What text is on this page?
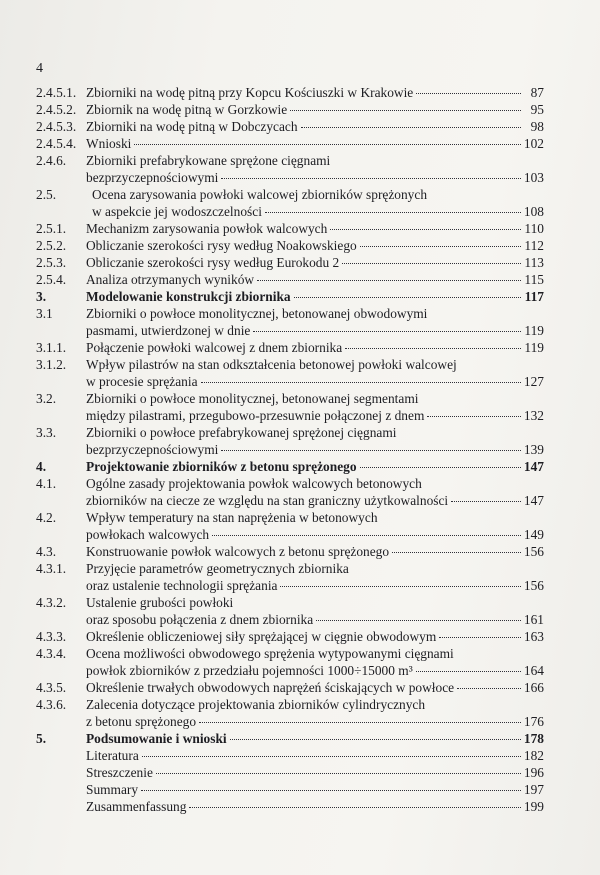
4
2.4.5.1. Zbiorniki na wodę pitną przy Kopcu Kościuszki w Krakowie	87
2.4.5.2. Zbiornik na wodę pitną w Gorzkowie	95
2.4.5.3. Zbiorniki na wodę pitną w Dobczycach	98
2.4.5.4. Wnioski	102
2.4.6. Zbiorniki prefabrykowane sprężone cięgnami
bezprzyczepnościowymi	103
2.5.	Ocena zarysowania powłoki walcowej zbiorników sprężonych
w aspekcie jej wodoszczelności	108
2.5.1. Mechanizm zarysowania powłok walcowych	110
2.5.2. Obliczanie szerokości rysy według Noakowskiego	112
2.5.3. Obliczanie szerokości rysy według Eurokodu 2	113
2.5.4. Analiza otrzymanych wyników	115
3.	Modelowanie konstrukcji zbiornika	117
3.1 Zbiorniki o powłoce monolitycznej, betonowanej obwodowymi
pasmami, utwierdzonej w dnie	119
3.1.1. Połączenie powłoki walcowej z dnem zbiornika	119
3.1.2. Wpływ pilastrów na stan odkształcenia betonowej powłoki walcowej
w procesie sprężania	127
3.2. Zbiorniki o powłoce monolitycznej, betonowanej segmentami
między pilastrami, przegubowo-przesuwnie połączonej z dnem	132
3.3. Zbiorniki o powłoce prefabrykowanej sprężonej cięgnami
bezprzyczepnościowymi	139
4.	Projektowanie zbiorników z betonu sprężonego	147
4.1. Ogólne zasady projektowania powłok walcowych betonowych
zbiorników na ciecze ze względu na stan graniczny użytkowalności	147
4.2. Wpływ temperatury na stan naprężenia w betonowych
powłokach walcowych	149
4.3. Konstruowanie powłok walcowych z betonu sprężonego	156
4.3.1. Przyjęcie parametrów geometrycznych zbiornika
oraz ustalenie technologii sprężania	156
4.3.2. Ustalenie grubości powłoki
oraz sposobu połączenia z dnem zbiornika	161
4.3.3. Określenie obliczeniowej siły sprężającej w cięgnie obwodowym	163
4.3.4. Ocena możliwości obwodowego sprężenia wytypowanymi cięgnami
powłok zbiorników z przedziału pojemności 1000÷15000 m³	164
4.3.5. Określenie trwałych obwodowych naprężeń ściskających w powłoce	166
4.3.6. Zalecenia dotyczące projektowania zbiorników cylindrycznych
z betonu sprężonego	176
5.	Podsumowanie i wnioski	178
Literatura	182
Streszczenie	196
Summary	197
Zusammenfassung	199
